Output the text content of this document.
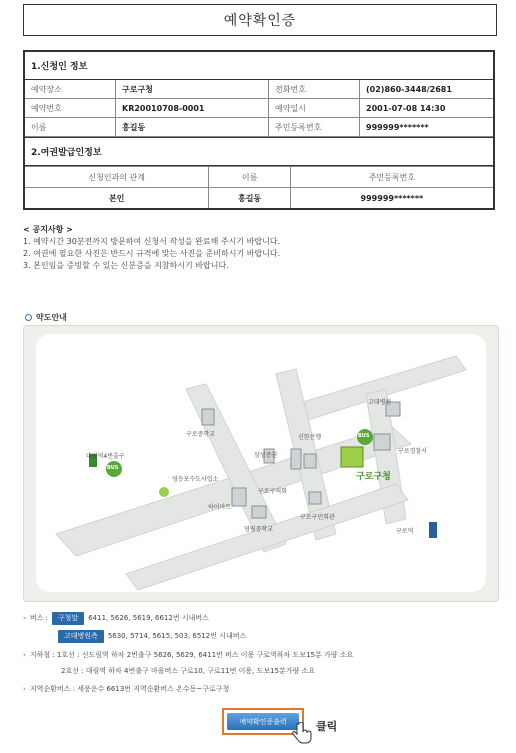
예약확인증
1.신청인 정보
예약장소	구로구청	전화번호	(02)860-3448/2681
예약번호	KR20010708-0001	예약일시	2001-07-08 14:30
이름	홍길동	주민등록번호	999999*******
2.여권발급인정보
신청인과의 관계	이름	주민등록번호
본인	홍길동	999999*******
< 공지사항 >
1. 예약시간 30분전까지 방문하여 신청서 작성을 완료해 주시기 바랍니다.
2. 여권에 필요한 사진은 반드시 규격에 맞는 사진을 준비하시기 바랍니다.
3. 본인임을 증빙할 수 있는 신분증을 지참하시기 바랍니다.
약도안내
구로중학교
대림역4번출구
신한은행
삼성증권
영등포수도사업소
구로구의회
고대병원
구로경찰서
구로구청
하이마트
구로구민회관
영림중학교	구로역
BUS
BUS
› 버스 :	구청앞	6411, 5626, 5619, 6612번 시내버스
고대병원측	5630, 5714, 5615, 503, 6512번 시내버스
› 지하철 : 1호선 : 신도림역 하차 2번출구 5626, 5629, 6411번 버스 이용 구로역하차 도보15분 가량 소요
2호선 : 대림역 하차 4번출구 마을버스 구로10, 구로11번 이용, 도보15분가량 소요
› 지역순환버스 : 세풍운수 6613번 지역순환버스 온수동~구로구청
예약확인증출력	클릭
